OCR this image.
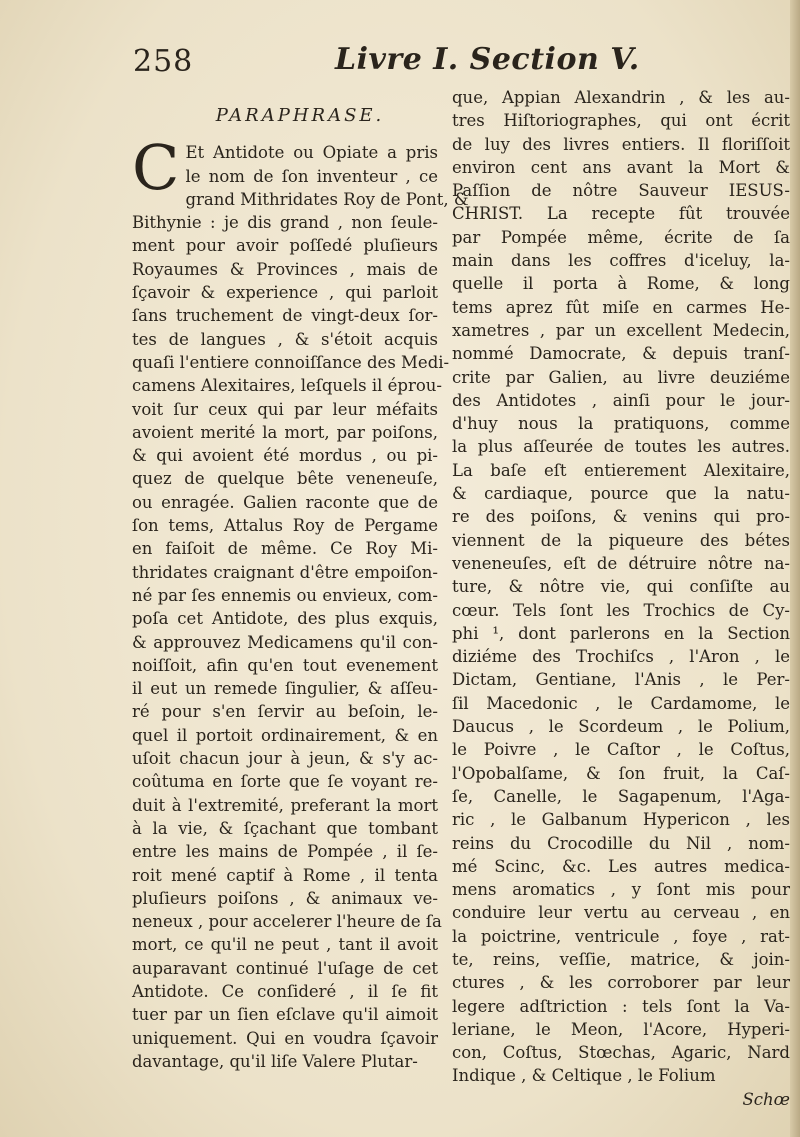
258	Livre I. Section V.
PARAPHRASE.
C Et Antidote ou Opiate a pris
le nom de ſon inventeur , ce
grand Mithridates Roy de Pont, &
Bithynie : je dis grand , non ſeule-
ment pour avoir poſſedé pluſieurs
Royaumes & Provinces , mais de
ſçavoir & experience , qui parloit
ſans truchement de vingt-deux ſor-
tes de langues , & s'étoit acquis
quaſi l'entiere connoiſſance des Medi-
camens Alexitaires, leſquels il éprou-
voit ſur ceux qui par leur méfaits
avoient merité la mort, par poiſons,
& qui avoient été mordus , ou pi-
quez de quelque bête veneneuſe,
ou enragée. Galien raconte que de
ſon tems, Attalus Roy de Pergame
en faiſoit de même. Ce Roy Mi-
thridates craignant d'être empoiſon-
né par ſes ennemis ou envieux, com-
poſa cet Antidote, des plus exquis,
& approuvez Medicamens qu'il con-
noiſſoit, afin qu'en tout evenement
il eut un remede ſingulier, & aſſeu-
ré pour s'en ſervir au beſoin, le-
quel il portoit ordinairement, & en
uſoit chacun jour à jeun, & s'y ac-
coûtuma en ſorte que ſe voyant re-
duit à l'extremité, preferant la mort
à la vie, & ſçachant que tombant
entre les mains de Pompée , il ſe-
roit mené captif à Rome , il tenta
pluſieurs poiſons , & animaux ve-
neneux , pour accelerer l'heure de ſa
mort, ce qu'il ne peut , tant il avoit
auparavant continué l'uſage de cet
Antidote. Ce conſideré , il ſe fit
tuer par un ſien eſclave qu'il aimoit
uniquement. Qui en voudra ſçavoir
davantage, qu'il liſe Valere Plutar-
que, Appian Alexandrin , & les au-
tres Hiſtoriographes, qui ont écrit
de luy des livres entiers. Il floriſſoit
environ cent ans avant la Mort &
Paſſion de nôtre Sauveur IESUS-
CHRIST. La recepte fût trouvée
par Pompée même, écrite de ſa
main dans les coffres d'iceluy, la-
quelle il porta à Rome, & long
tems aprez fût miſe en carmes He-
xametres , par un excellent Medecin,
nommé Damocrate, & depuis tranſ-
crite par Galien, au livre deuziéme
des Antidotes , ainſi pour le jour-
d'huy nous la pratiquons, comme
la plus aſſeurée de toutes les autres.
La baſe eſt entierement Alexitaire,
& cardiaque, pource que la natu-
re des poiſons, & venins qui pro-
viennent de la piqueure des bétes
veneneuſes, eſt de détruire nôtre na-
ture, & nôtre vie, qui conſiſte au
cœur. Tels ſont les Trochics de Cy-
phi ¹, dont parlerons en la Section
diziéme des Trochiſcs , l'Aron , le
Dictam, Gentiane, l'Anis , le Per-
ſil Macedonic , le Cardamome, le
Daucus , le Scordeum , le Polium,
le Poivre , le Caſtor , le Coſtus,
l'Opobalſame, & ſon fruit, la Caſ-
ſe, Canelle, le Sagapenum, l'Aga-
ric , le Galbanum Hypericon , les
reins du Crocodille du Nil , nom-
mé Scinc, &c. Les autres medica-
mens aromatics , y ſont mis pour
conduire leur vertu au cerveau , en
la poictrine, ventricule , foye , rat-
te, reins, veſſie, matrice, & join-
ctures , & les corroborer par leur
legere adſtriction : tels ſont la Va-
leriane, le Meon, l'Acore, Hyperi-
con, Coſtus, Stœchas, Agaric, Nard
Indique , & Celtique , le Folium
Schœ
